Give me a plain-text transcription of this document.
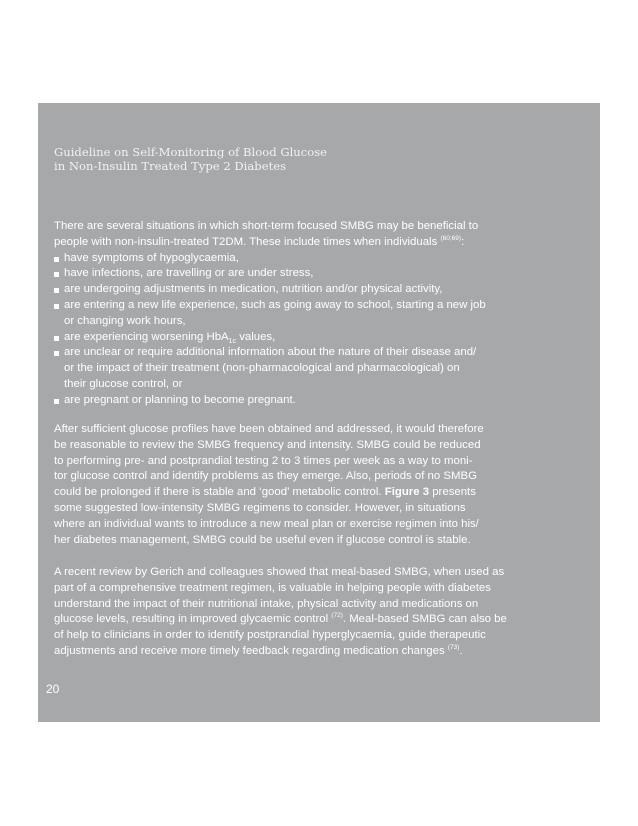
Guideline on Self-Monitoring of Blood Glucose
in Non-Insulin Treated Type 2 Diabetes
There are several situations in which short-term focused SMBG may be beneficial to
people with non-insulin-treated T2DM. These include times when individuals $^{(60;69)}$:
have symptoms of hypoglycaemia,
have infections, are travelling or are under stress,
are undergoing adjustments in medication, nutrition and/or physical activity,
are entering a new life experience, such as going away to school, starting a new job
or changing work hours,
are experiencing worsening HbA$_{1c}$ values,
are unclear or require additional information about the nature of their disease and/
or the impact of their treatment (non-pharmacological and pharmacological) on
their glucose control, or
are pregnant or planning to become pregnant.
After sufficient glucose profiles have been obtained and addressed, it would therefore
be reasonable to review the SMBG frequency and intensity. SMBG could be reduced
to performing pre- and postprandial testing 2 to 3 times per week as a way to moni-
tor glucose control and identify problems as they emerge. Also, periods of no SMBG
could be prolonged if there is stable and ‘good’ metabolic control. Figure 3 presents
some suggested low-intensity SMBG regimens to consider. However, in situations
where an individual wants to introduce a new meal plan or exercise regimen into his/
her diabetes management, SMBG could be useful even if glucose control is stable.
A recent review by Gerich and colleagues showed that meal-based SMBG, when used as
part of a comprehensive treatment regimen, is valuable in helping people with diabetes
understand the impact of their nutritional intake, physical activity and medications on
glucose levels, resulting in improved glycaemic control $^{(72)}$. Meal-based SMBG can also be
of help to clinicians in order to identify postprandial hyperglycaemia, guide therapeutic
adjustments and receive more timely feedback regarding medication changes $^{(73)}$.
20
